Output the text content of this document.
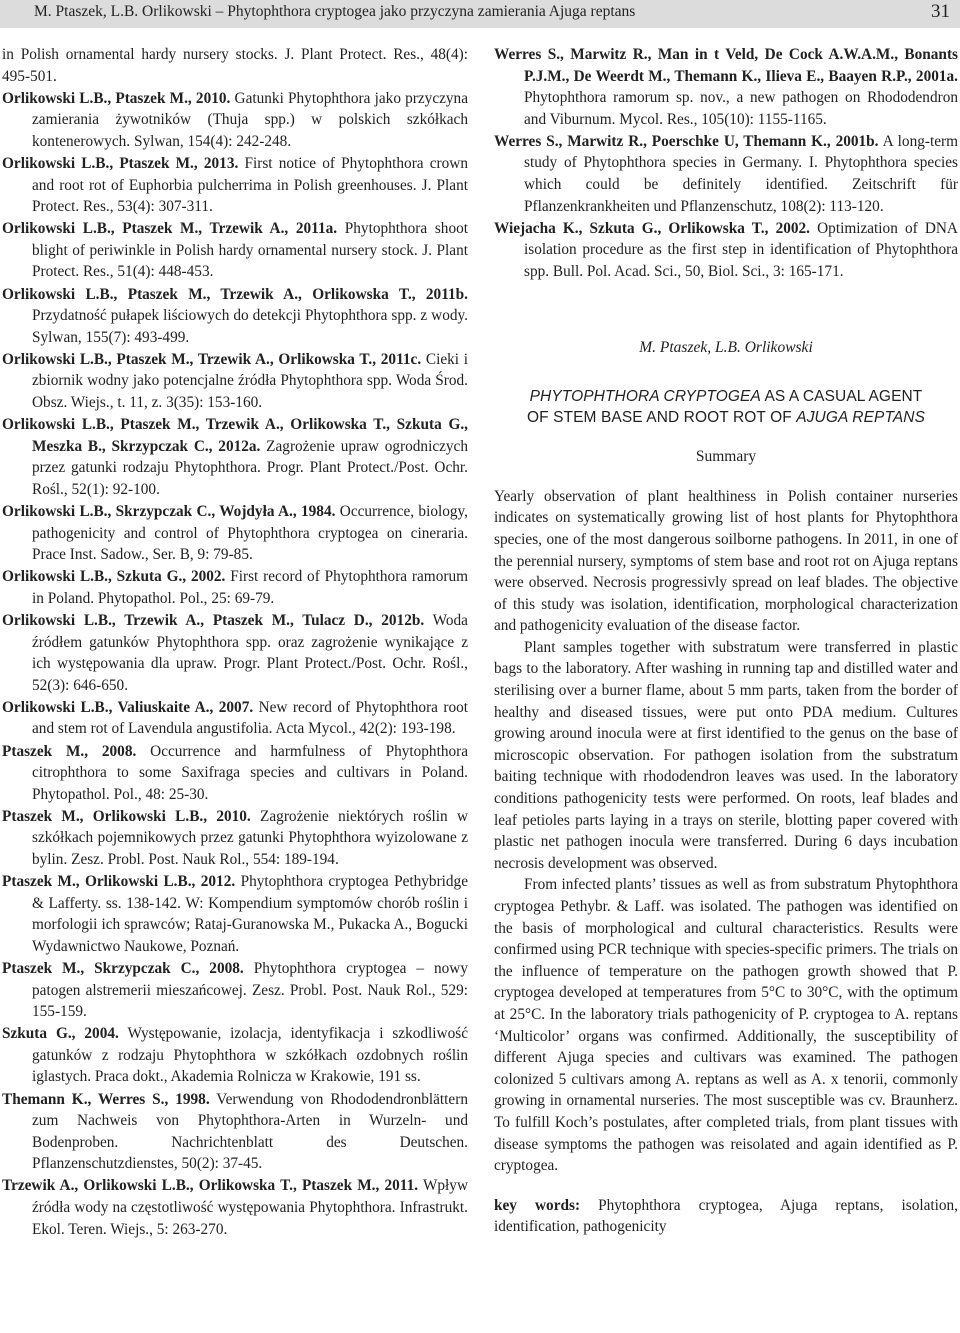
M. Ptaszek, L.B. Orlikowski – Phytophthora cryptogea jako przyczyna zamierania Ajuga reptans	31

in Polish ornamental hardy nursery stocks. J. Plant Protect. Res., 48(4): 495-501.

Orlikowski L.B., Ptaszek M., 2010. Gatunki Phytophthora jako przyczyna zamierania żywotników (Thuja spp.) w polskich szkółkach kontenerowych. Sylwan, 154(4): 242-248.

Orlikowski L.B., Ptaszek M., 2013. First notice of Phytophthora crown and root rot of Euphorbia pulcherrima in Polish greenhouses. J. Plant Protect. Res., 53(4): 307-311.

Orlikowski L.B., Ptaszek M., Trzewik A., 2011a. Phytophthora shoot blight of periwinkle in Polish hardy ornamental nursery stock. J. Plant Protect. Res., 51(4): 448-453.

Orlikowski L.B., Ptaszek M., Trzewik A., Orlikowska T., 2011b. Przydatność pułapek liściowych do detekcji Phytophthora spp. z wody. Sylwan, 155(7): 493-499.

Orlikowski L.B., Ptaszek M., Trzewik A., Orlikowska T., 2011c. Cieki i zbiornik wodny jako potencjalne źródła Phytophthora spp. Woda Środ. Obsz. Wiejs., t. 11, z. 3(35): 153-160.

Orlikowski L.B., Ptaszek M., Trzewik A., Orlikowska T., Szkuta G., Meszka B., Skrzypczak C., 2012a. Zagrożenie upraw ogrodniczych przez gatunki rodzaju Phytophthora. Progr. Plant Protect./Post. Ochr. Rośl., 52(1): 92-100.

Orlikowski L.B., Skrzypczak C., Wojdyła A., 1984. Occurrence, biology, pathogenicity and control of Phytophthora cryptogea on cineraria. Prace Inst. Sadow., Ser. B, 9: 79-85.

Orlikowski L.B., Szkuta G., 2002. First record of Phytophthora ramorum in Poland. Phytopathol. Pol., 25: 69-79.

Orlikowski L.B., Trzewik A., Ptaszek M., Tulacz D., 2012b. Woda źródłem gatunków Phytophthora spp. oraz zagrożenie wynikające z ich występowania dla upraw. Progr. Plant Protect./Post. Ochr. Rośl., 52(3): 646-650.

Orlikowski L.B., Valiuskaite A., 2007. New record of Phytophthora root and stem rot of Lavendula angustifolia. Acta Mycol., 42(2): 193-198.

Ptaszek M., 2008. Occurrence and harmfulness of Phytophthora citrophthora to some Saxifraga species and cultivars in Poland. Phytopathol. Pol., 48: 25-30.

Ptaszek M., Orlikowski L.B., 2010. Zagrożenie niektórych roślin w szkółkach pojemnikowych przez gatunki Phytophthora wyizolowane z bylin. Zesz. Probl. Post. Nauk Rol., 554: 189-194.

Ptaszek M., Orlikowski L.B., 2012. Phytophthora cryptogea Pethybridge & Lafferty. ss. 138-142. W: Kompendium symptomów chorób roślin i morfologii ich sprawców; Rataj-Guranowska M., Pukacka A., Bogucki Wydawnictwo Naukowe, Poznań.

Ptaszek M., Skrzypczak C., 2008. Phytophthora cryptogea – nowy patogen alstremerii mieszańcowej. Zesz. Probl. Post. Nauk Rol., 529: 155-159.

Szkuta G., 2004. Występowanie, izolacja, identyfikacja i szkodliwość gatunków z rodzaju Phytophthora w szkółkach ozdobnych roślin iglastych. Praca dokt., Akademia Rolnicza w Krakowie, 191 ss.

Themann K., Werres S., 1998. Verwendung von Rhododendronblättern zum Nachweis von Phytophthora-Arten in Wurzeln- und Bodenproben. Nachrichtenblatt des Deutschen. Pflanzenschutzdienstes, 50(2): 37-45.

Trzewik A., Orlikowski L.B., Orlikowska T., Ptaszek M., 2011. Wpływ źródła wody na częstotliwość występowania Phytophthora. Infrastrukt. Ekol. Teren. Wiejs., 5: 263-270.

Werres S., Marwitz R., Man in t Veld, De Cock A.W.A.M., Bonants P.J.M., De Weerdt M., Themann K., Ilieva E., Baayen R.P., 2001a. Phytophthora ramorum sp. nov., a new pathogen on Rhododendron and Viburnum. Mycol. Res., 105(10): 1155-1165.

Werres S., Marwitz R., Poerschke U, Themann K., 2001b. A long-term study of Phytophthora species in Germany. I. Phytophthora species which could be definitely identified. Zeitschrift für Pflanzenkrankheiten und Pflanzenschutz, 108(2): 113-120.

Wiejacha K., Szkuta G., Orlikowska T., 2002. Optimization of DNA isolation procedure as the first step in identification of Phytophthora spp. Bull. Pol. Acad. Sci., 50, Biol. Sci., 3: 165-171.

M. Ptaszek, L.B. Orlikowski
PHYTOPHTHORA CRYPTOGEA AS A CASUAL AGENT
OF STEM BASE AND ROOT ROT OF AJUGA REPTANS
Summary

Yearly observation of plant healthiness in Polish container nurseries indicates on systematically growing list of host plants for Phytophthora species, one of the most dangerous soilborne pathogens. In 2011, in one of the perennial nursery, symptoms of stem base and root rot on Ajuga reptans were observed. Necrosis progressivly spread on leaf blades. The objective of this study was isolation, identification, morphological characterization and pathogenicity evaluation of the disease factor.

Plant samples together with substratum were transferred in plastic bags to the laboratory. After washing in running tap and distilled water and sterilising over a burner flame, about 5 mm parts, taken from the border of healthy and diseased tissues, were put onto PDA medium. Cultures growing around inocula were at first identified to the genus on the base of microscopic observation. For pathogen isolation from the substratum baiting technique with rhododendron leaves was used. In the laboratory conditions pathogenicity tests were performed. On roots, leaf blades and leaf petioles parts laying in a trays on sterile, blotting paper covered with plastic net pathogen inocula were transferred. During 6 days incubation necrosis development was observed.

From infected plants’ tissues as well as from substratum Phytophthora cryptogea Pethybr. & Laff. was isolated. The pathogen was identified on the basis of morphological and cultural characteristics. Results were confirmed using PCR technique with species-specific primers. The trials on the influence of temperature on the pathogen growth showed that P. cryptogea developed at temperatures from 5°C to 30°C, with the optimum at 25°C. In the laboratory trials pathogenicity of P. cryptogea to A. reptans ‘Multicolor’ organs was confirmed. Additionally, the susceptibility of different Ajuga species and cultivars was examined. The pathogen colonized 5 cultivars among A. reptans as well as A. x tenorii, commonly growing in ornamental nurseries. The most susceptible was cv. Braunherz. To fulfill Koch’s postulates, after completed trials, from plant tissues with disease symptoms the pathogen was reisolated and again identified as P. cryptogea.

key words: Phytophthora cryptogea, Ajuga reptans, isolation, identification, pathogenicity
